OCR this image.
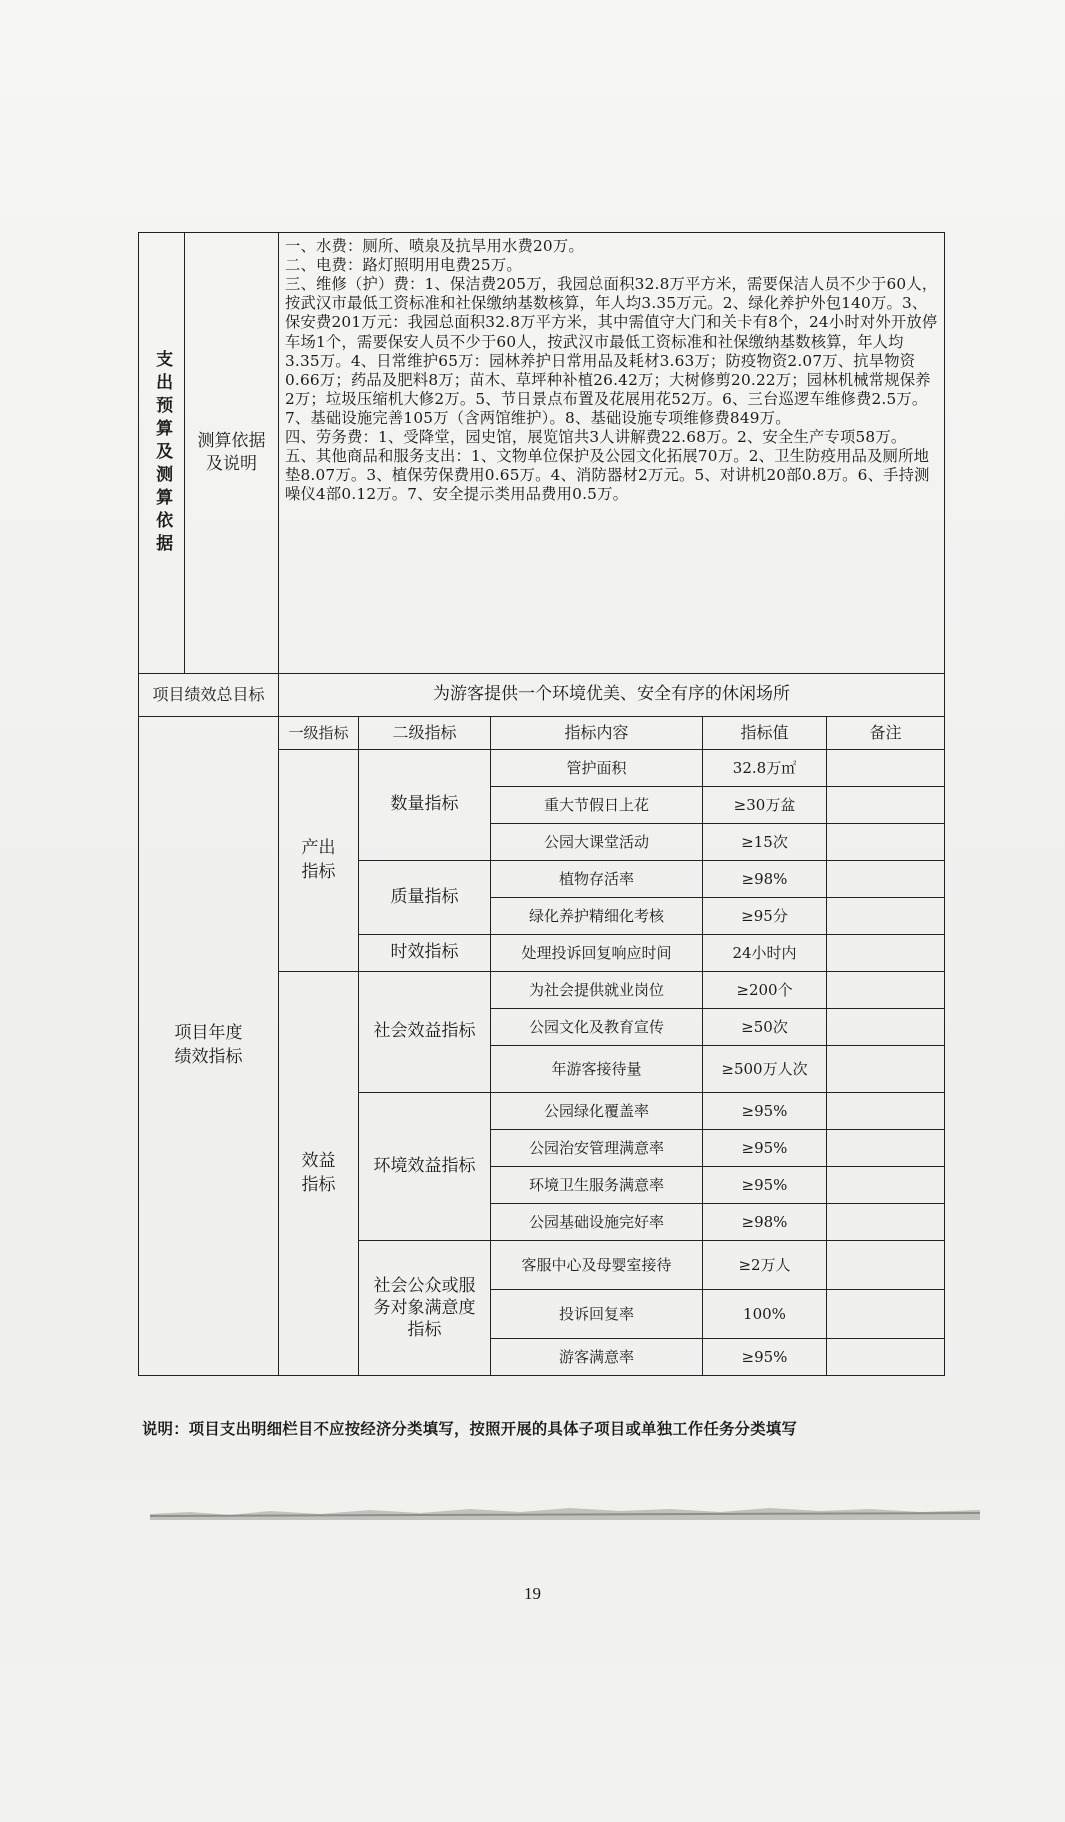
支出预算及测算依据	测算依据及说明	一、水费：厕所、喷泉及抗旱用水费20万。

二、电费：路灯照明用电费25万。

三、维修（护）费：1、保洁费205万，我园总面积32.8万平方米，需要保洁人员不少于60人，按武汉市最低工资标准和社保缴纳基数核算，年人均3.35万元。2、绿化养护外包140万。3、保安费201万元：我园总面积32.8万平方米，其中需值守大门和关卡有8个，24小时对外开放停车场1个，需要保安人员不少于60人，按武汉市最低工资标准和社保缴纳基数核算，年人均3.35万。4、日常维护65万：园林养护日常用品及耗材3.63万；防疫物资2.07万、抗旱物资0.66万；药品及肥料8万；苗木、草坪种补植26.42万；大树修剪20.22万；园林机械常规保养2万；垃圾压缩机大修2万。5、节日景点布置及花展用花52万。6、三台巡逻车维修费2.5万。7、基础设施完善105万（含两馆维护）。8、基础设施专项维修费849万。

四、劳务费：1、受降堂，园史馆，展览馆共3人讲解费22.68万。2、安全生产专项58万。

五、其他商品和服务支出：1、文物单位保护及公园文化拓展70万。2、卫生防疫用品及厕所地垫8.07万。3、植保劳保费用0.65万。4、消防器材2万元。5、对讲机20部0.8万。6、手持测噪仪4部0.12万。7、安全提示类用品费用0.5万。				

项目绩效总目标		为游客提供一个环境优美、安全有序的休闲场所				

项目年度绩效指标		一级指标	二级指标	指标内容	指标值	备注

		产出指标	数量指标	管护面积	32.8万㎡	
				重大节假日上花	≥30万盆	
				公园大课堂活动	≥15次	
			质量指标	植物存活率	≥98%	
				绿化养护精细化考核	≥95分	
			时效指标	处理投诉回复响应时间	24小时内	

		效益指标	社会效益指标	为社会提供就业岗位	≥200个	
				公园文化及教育宣传	≥50次	
				年游客接待量	≥500万人次	
			环境效益指标	公园绿化覆盖率	≥95%	
				公园治安管理满意率	≥95%	
				环境卫生服务满意率	≥95%	
				公园基础设施完好率	≥98%	

			社会公众或服务对象满意度指标	客服中心及母婴室接待	≥2万人	
				投诉回复率	100%	
				游客满意率	≥95%	
说明：项目支出明细栏目不应按经济分类填写，按照开展的具体子项目或单独工作任务分类填写
19
